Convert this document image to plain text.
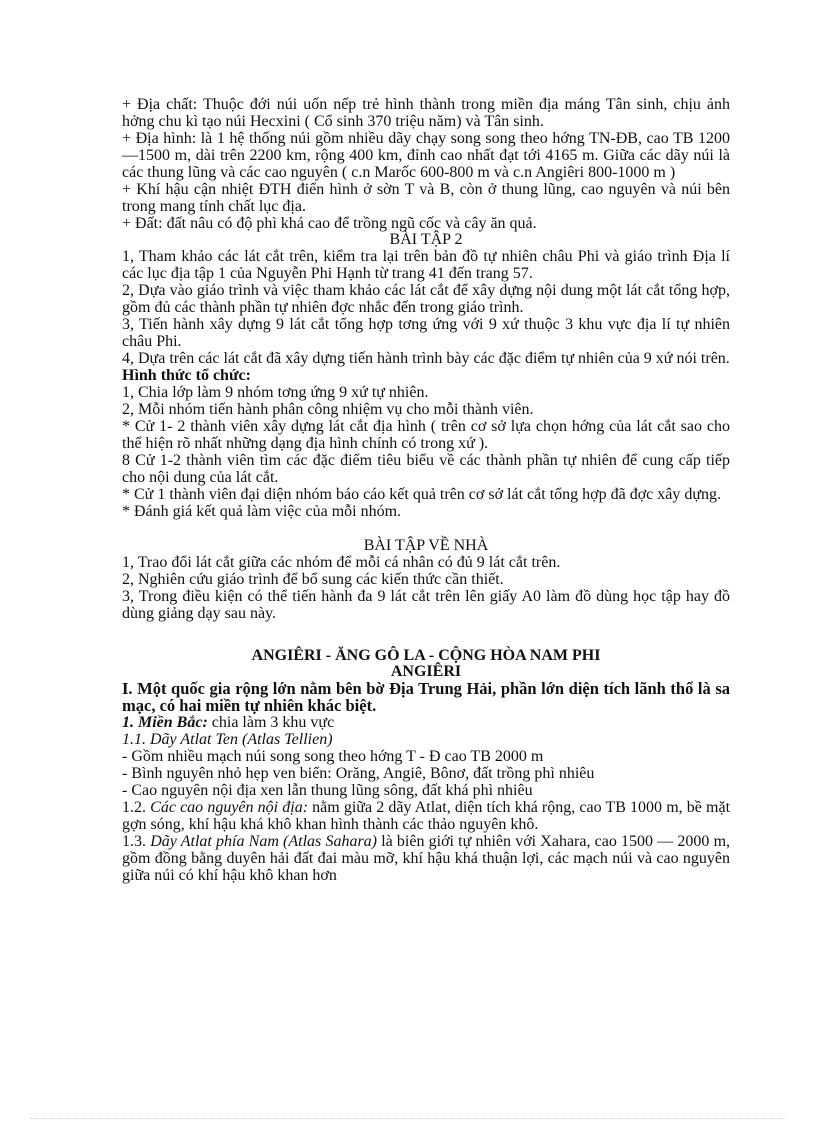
+ Địa chất: Thuộc đới núi uốn nếp trẻ hình thành trong miền địa máng Tân sinh, chịu ảnh hởng chu kì tạo núi Hecxini ( Cổ sinh 370 triệu năm) và Tân sinh.

+ Địa hình: là 1 hệ thống núi gồm nhiều dãy chạy song song theo hớng TN-ĐB, cao TB 1200 —1500 m, dài trên 2200 km, rộng 400 km, đỉnh cao nhất đạt tới 4165 m. Giữa các dãy núi là các thung lũng và các cao nguyên ( c.n Marốc 600-800 m và c.n Angiêri 800-1000 m )

+ Khí hậu cận nhiệt ĐTH điển hình ở sờn T và B, còn ở thung lũng, cao nguyên và núi bên trong mang tính chất lục địa.

+ Đất: đất nâu có độ phì khá cao để trồng ngũ cốc và cây ăn quả.

BÀI TẬP 2

1, Tham khảo các lát cắt trên, kiểm tra lại trên bản đồ tự nhiên châu Phi và giáo trình Địa lí các lục địa tập 1 của Nguyễn Phi Hạnh từ trang 41 đến trang 57.

2, Dựa vào giáo trình và việc tham khảo các lát cắt để xây dựng nội dung một lát cắt tổng hợp, gồm đủ các thành phần tự nhiên đợc nhắc đến trong giáo trình.

3, Tiến hành xây dựng 9 lát cắt tổng hợp tơng ứng với 9 xứ thuộc 3 khu vực địa lí tự nhiên châu Phi.

4, Dựa trên các lát cắt đã xây dựng tiến hành trình bày các đặc điểm tự nhiên của 9 xứ nói trên.

Hình thức tổ chức:

1, Chia lớp làm 9 nhóm tơng ứng 9 xứ tự nhiên.

2, Mỗi nhóm tiến hành phân công nhiệm vụ cho mỗi thành viên.

* Cử 1- 2 thành viên xây dựng lát cắt địa hình ( trên cơ sở lựa chọn hớng của lát cắt sao cho thể hiện rõ nhất những dạng địa hình chính có trong xứ ).

8 Cử 1-2 thành viên tìm các đặc điểm tiêu biểu về các thành phần tự nhiên để cung cấp tiếp cho nội dung của lát cắt.

* Cử 1 thành viên đại diện nhóm báo cáo kết quả trên cơ sở lát cắt tổng hợp đã đợc xây dựng.

* Đánh giá kết quả làm việc của mỗi nhóm.

BÀI TẬP VỀ NHÀ

1, Trao đổi lát cắt giữa các nhóm để mỗi cá nhân có đủ 9 lát cắt trên.

2, Nghiên cứu giáo trình để bổ sung các kiến thức cần thiết.

3, Trong điều kiện có thể tiến hành đa 9 lát cắt trên lên giấy A0 làm đồ dùng học tập hay đồ dùng giảng dạy sau này.

ANGIÊRI - ĂNG GÔ LA - CỘNG HÒA NAM PHI

ANGIÊRI

I. Một quốc gia rộng lớn nằm bên bờ Địa Trung Hải, phần lớn diện tích lãnh thổ là sa mạc, có hai miền tự nhiên khác biệt.

1. Miền Bắc: chia làm 3 khu vực

1.1. Dãy Atlat Ten (Atlas Tellien)

- Gồm nhiều mạch núi song song theo hớng T - Đ cao TB 2000 m

- Bình nguyên nhỏ hẹp ven biển: Orăng, Angiê, Bônơ, đất trồng phì nhiêu

- Cao nguyên nội địa xen lẫn thung lũng sông, đất khá phì nhiêu

1.2. Các cao nguyên nội địa: nằm giữa 2 dãy Atlat, diện tích khá rộng, cao TB 1000 m, bề mặt gợn sóng, khí hậu khá khô khan hình thành các thảo nguyên khô.

1.3. Dãy Atlat phía Nam (Atlas Sahara) là biên giới tự nhiên với Xahara, cao 1500 — 2000 m, gồm đồng bằng duyên hải đất đai màu mỡ, khí hậu khá thuận lợi, các mạch núi và cao nguyên giữa núi có khí hậu khô khan hơn
